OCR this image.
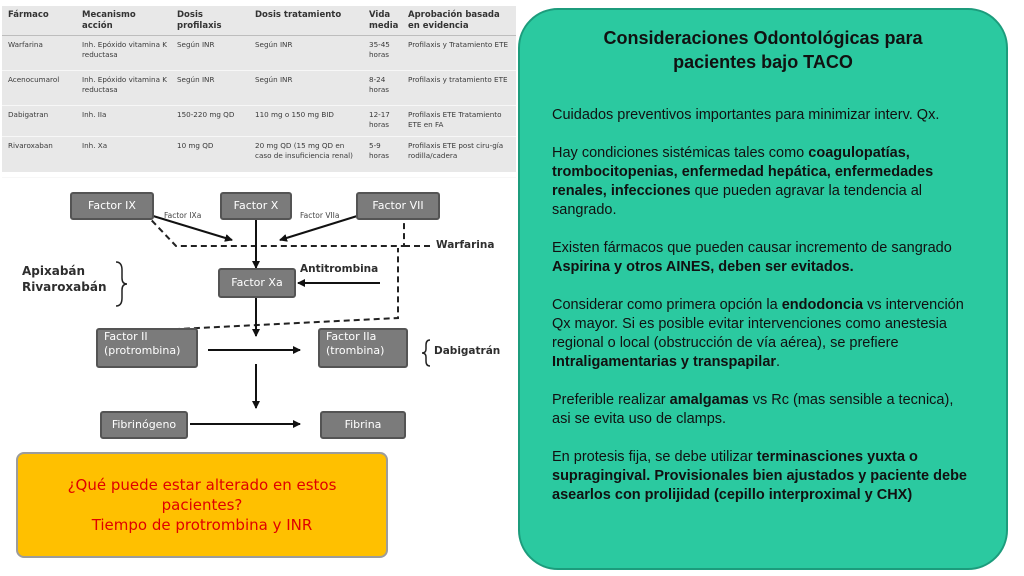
Fármaco	Mecanismo acción	Dosis profilaxis	Dosis tratamiento	Vida media	Aprobación basada en evidencia
Warfarina	Inh. Epóxido vitamina K reductasa	Según INR	Según INR	35-45 horas	Profilaxis y Tratamiento ETE
Acenocumarol	Inh. Epóxido vitamina K reductasa	Según INR	Según INR	8-24 horas	Profilaxis y tratamiento ETE
Dabigatran	Inh. IIa	150-220 mg QD	110 mg o 150 mg BID	12-17 horas	Profilaxis ETE Tratamiento ETE en FA
Rivaroxaban	Inh. Xa	10 mg QD	20 mg QD (15 mg QD en caso de insuficiencia renal)	5-9 horas	Profilaxis ETE post ciru-gía rodilla/cadera
Factor IX	Factor X	Factor VII
Factor Xa
Factor II
(protrombina)
Factor IIa
(trombina)
Fibrinógeno	Fibrina
Factor IXa	Factor VIIa
Warfarina
Antitrombina
Apixabán
Rivaroxabán
Dabigatrán
¿Qué puede estar alterado en estos
pacientes?
Tiempo de protrombina y INR
Consideraciones Odontológicas para
pacientes bajo TACO

Cuidados preventivos importantes para minimizar interv. Qx.

Hay condiciones sistémicas tales como coagulopatías, trombocitopenias, enfermedad hepática, enfermedades renales, infecciones que pueden agravar la tendencia al sangrado.

Existen fármacos que pueden causar incremento de sangrado Aspirina y otros AINES, deben ser evitados.

Considerar como primera opción la endodoncia vs intervención Qx mayor. Si es posible evitar intervenciones como anestesia regional o local (obstrucción de vía aérea), se prefiere Intraligamentarias y transpapilar.

Preferible realizar amalgamas vs Rc (mas sensible a tecnica), asi se evita uso de clamps.

En protesis fija, se debe utilizar terminasciones yuxta o supragingival. Provisionales bien ajustados y paciente debe asearlos con prolijidad (cepillo interproximal y CHX)
